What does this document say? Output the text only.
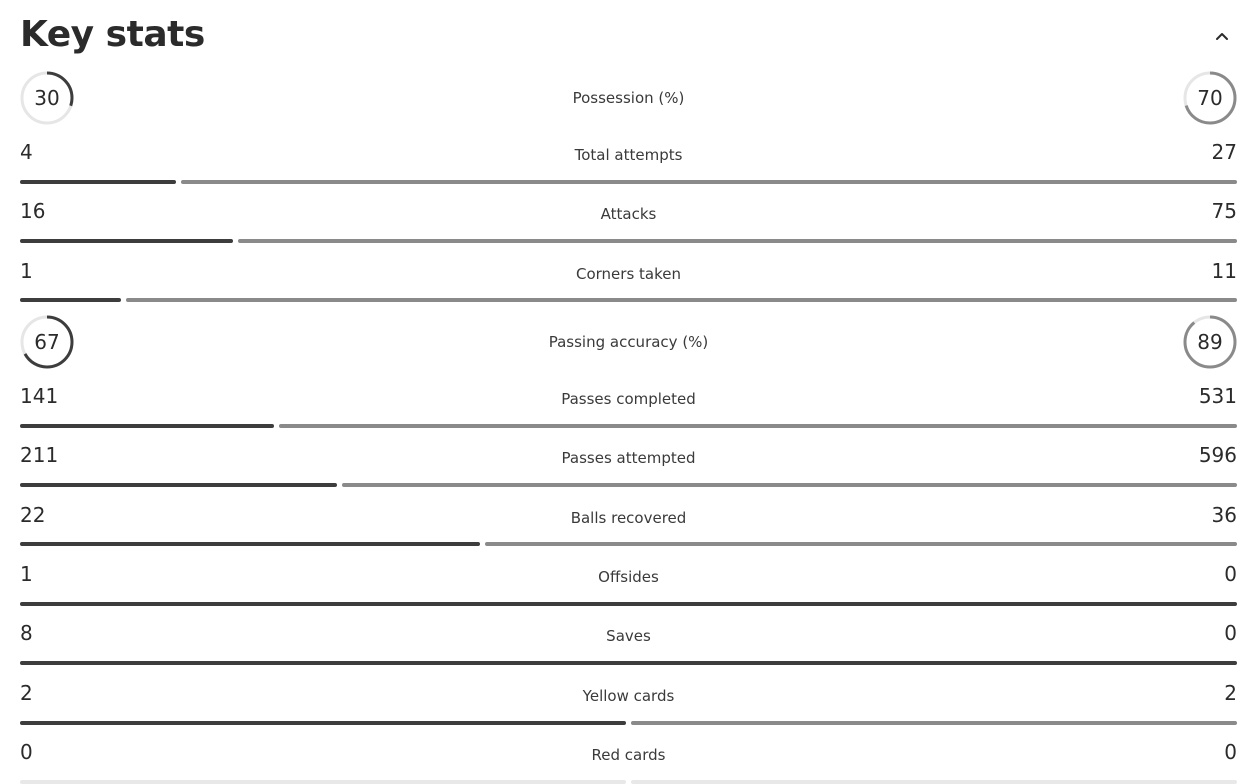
Key stats
30	Possession (%)	70
4	Total attempts	27
16	Attacks	75
1	Corners taken	11
67	Passing accuracy (%)	89
141	Passes completed	531
211	Passes attempted	596
22	Balls recovered	36
1	Offsides	0
8	Saves	0
2	Yellow cards	2
0	Red cards	0
